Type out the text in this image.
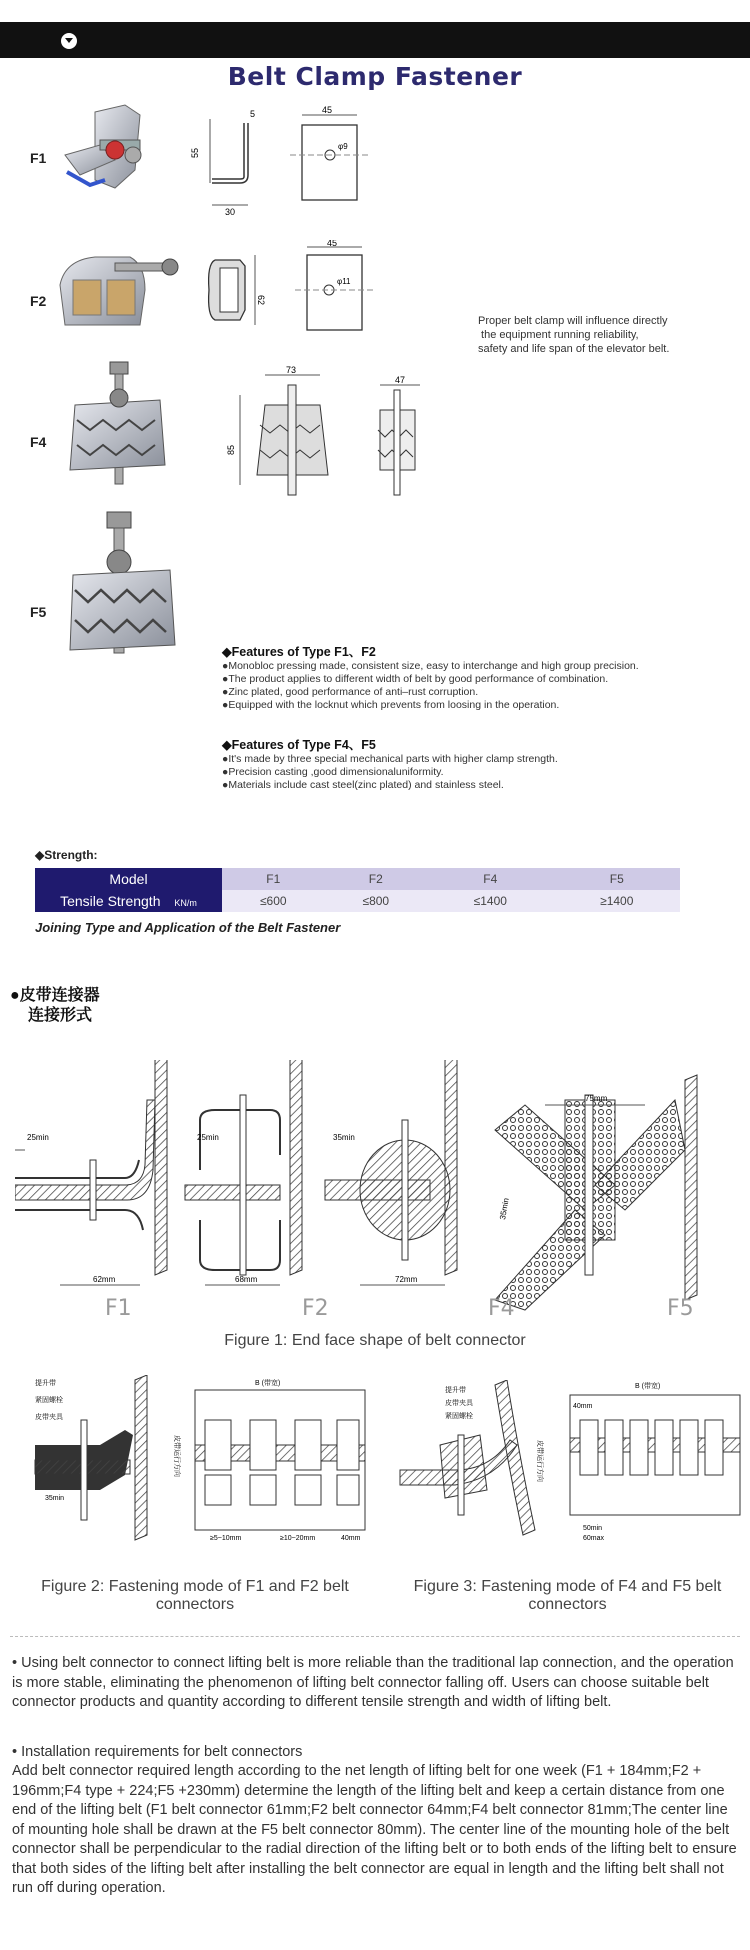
Belt Clamp Fastener
F1
F2
F4
F5
55
5
30
45
φ9
62
45
φ11
Proper belt clamp will influence directly
the equipment running reliability,
safety and life span of the elevator belt.
73
85
47
◆Features of Type F1、F2
●Monobloc pressing made, consistent size, easy to interchange and high group precision.
●The product applies to different width of belt by good performance of combination.
●Zinc plated, good performance of anti–rust corruption.
●Equipped with the locknut which prevents from loosing in the operation.
◆Features of Type F4、F5
●It's made by three special mechanical parts with higher clamp strength.
●Precision casting ,good dimensionaluniformity.
●Materials include cast steel(zinc plated) and stainless steel.
◆Strength:
Model	F1	F2	F4	F5
Tensile Strength KN/m	≤600	≤800	≤1400	≥1400
Joining Type and Application of the Belt Fastener
●皮带连接器
连接形式
25min
62mm
25min
68mm
35min
72mm
75mm
35min
F1	F2	F4	F5
Figure 1: End face shape of belt connector
提升带
紧固螺栓
皮带夹具
35min
B (带宽)
皮带运行方向
≥5~10mm	≥10~20mm	40mm
Figure 2: Fastening mode of F1 and F2 belt connectors
提升带
皮带夹具
紧固螺栓
B (带宽)
皮带运行方向
40mm
50min
60max
Figure 3: Fastening mode of F4 and F5 belt connectors
• Using belt connector to connect lifting belt is more reliable than the traditional lap connection, and the operation is more stable, eliminating the phenomenon of lifting belt connector falling off. Users can choose suitable belt connector products and quantity according to different tensile strength and width of lifting belt.
• Installation requirements for belt connectors
Add belt connector required length according to the net length of lifting belt for one week (F1 + 184mm;F2 + 196mm;F4 type + 224;F5 +230mm) determine the length of the lifting belt and keep a certain distance from one end of the lifting belt (F1 belt connector 61mm;F2 belt connector 64mm;F4 belt connector 81mm;The center line of mounting hole shall be drawn at the F5 belt connector 80mm). The center line of the mounting hole of the belt connector shall be perpendicular to the radial direction of the lifting belt or to both ends of the lifting belt to ensure that both sides of the lifting belt after installing the belt connector are equal in length and the lifting belt shall not run off during operation.
